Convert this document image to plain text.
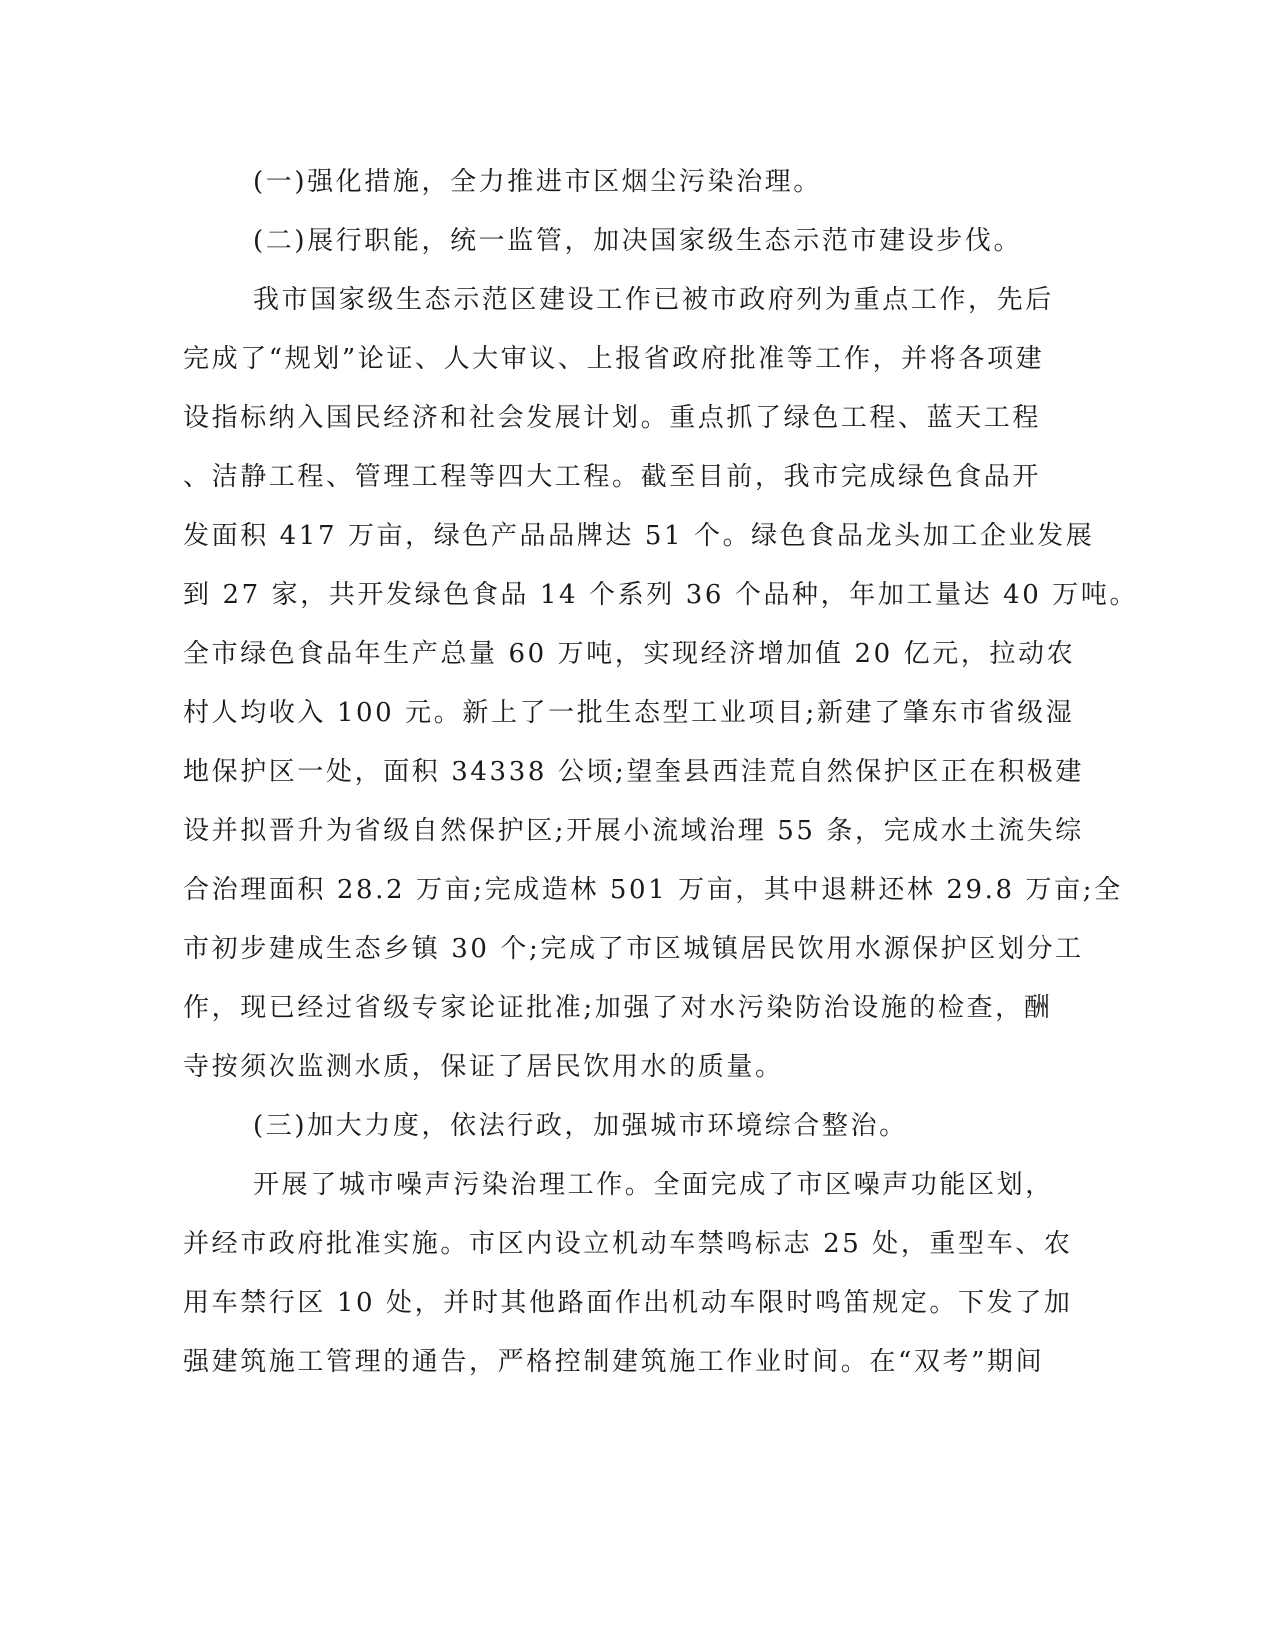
(一)强化措施，全力推进市区烟尘污染治理。
(二)展行职能，统一监管，加决国家级生态示范市建设步伐。
我市国家级生态示范区建设工作已被市政府列为重点工作，先后
完成了“规划”论证、人大审议、上报省政府批准等工作，并将各项建
设指标纳入国民经济和社会发展计划。重点抓了绿色工程、蓝天工程
、洁静工程、管理工程等四大工程。截至目前，我市完成绿色食品开
发面积 417 万亩，绿色产品品牌达 51 个。绿色食品龙头加工企业发展
到 27 家，共开发绿色食品 14 个系列 36 个品种，年加工量达 40 万吨。
全市绿色食品年生产总量 60 万吨，实现经济增加值 20 亿元，拉动农
村人均收入 100 元。新上了一批生态型工业项目;新建了肇东市省级湿
地保护区一处，面积 34338 公顷;望奎县西洼荒自然保护区正在积极建
设并拟晋升为省级自然保护区;开展小流域治理 55 条，完成水土流失综
合治理面积 28.2 万亩;完成造林 501 万亩，其中退耕还林 29.8 万亩;全
市初步建成生态乡镇 30 个;完成了市区城镇居民饮用水源保护区划分工
作，现已经过省级专家论证批准;加强了对水污染防治设施的检查，酬
寺按须次监测水质，保证了居民饮用水的质量。
(三)加大力度，依法行政，加强城市环境综合整治。
开展了城市噪声污染治理工作。全面完成了市区噪声功能区划，
并经市政府批准实施。市区内设立机动车禁鸣标志 25 处，重型车、农
用车禁行区 10 处，并时其他路面作出机动车限时鸣笛规定。下发了加
强建筑施工管理的通告，严格控制建筑施工作业时间。在“双考”期间
